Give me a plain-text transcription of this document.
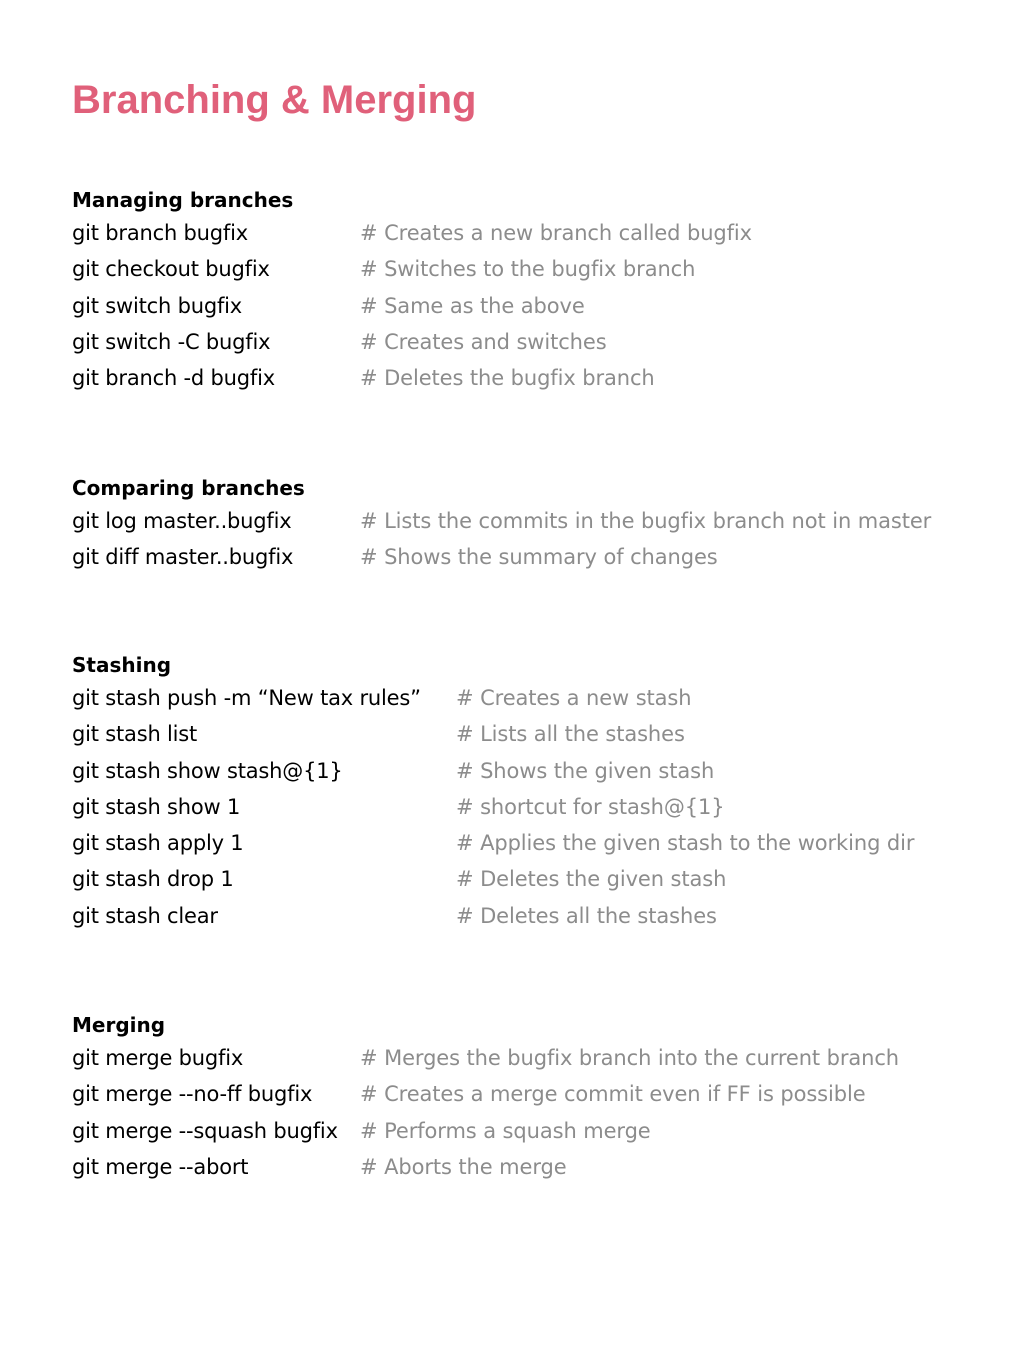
Branching & Merging
Managing branches
git branch bugfix	# Creates a new branch called bugfix
git checkout bugfix	# Switches to the bugfix branch
git switch bugfix	# Same as the above
git switch -C bugfix	# Creates and switches
git branch -d bugfix	# Deletes the bugfix branch
Comparing branches
git log master..bugfix	# Lists the commits in the bugfix branch not in master
git diff master..bugfix	# Shows the summary of changes
Stashing
git stash push -m “New tax rules” # Creates a new stash
git stash list	# Lists all the stashes
git stash show stash@{1}	# Shows the given stash
git stash show 1	# shortcut for stash@{1}
git stash apply 1	# Applies the given stash to the working dir
git stash drop 1	# Deletes the given stash
git stash clear	# Deletes all the stashes
Merging
git merge bugfix	# Merges the bugfix branch into the current branch
git merge --no-ff bugfix # Creates a merge commit even if FF is possible
git merge --squash bugfix # Performs a squash merge
git merge --abort	# Aborts the merge
